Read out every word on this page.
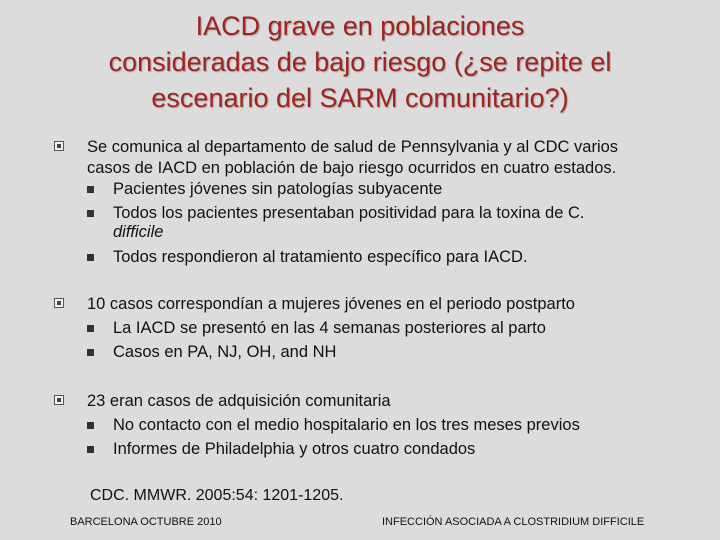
IACD grave en poblaciones
consideradas de bajo riesgo (¿se repite el
escenario del SARM comunitario?)
Se comunica al departamento de salud de Pennsylvania y al CDC varios
casos de IACD en población de bajo riesgo ocurridos en cuatro estados.
Pacientes jóvenes sin patologías subyacente
Todos los pacientes presentaban positividad para la toxina de C.
difficile
Todos respondieron al tratamiento específico para IACD.
10 casos correspondían a mujeres jóvenes en el periodo postparto
La IACD se presentó en las 4 semanas posteriores al parto
Casos en PA, NJ, OH, and NH
23 eran casos de adquisición comunitaria
No contacto con el medio hospitalario en los tres meses previos
Informes de Philadelphia y otros cuatro condados
CDC. MMWR. 2005:54: 1201-1205.
BARCELONA OCTUBRE 2010	INFECCIÓN ASOCIADA A CLOSTRIDIUM DIFFICILE
